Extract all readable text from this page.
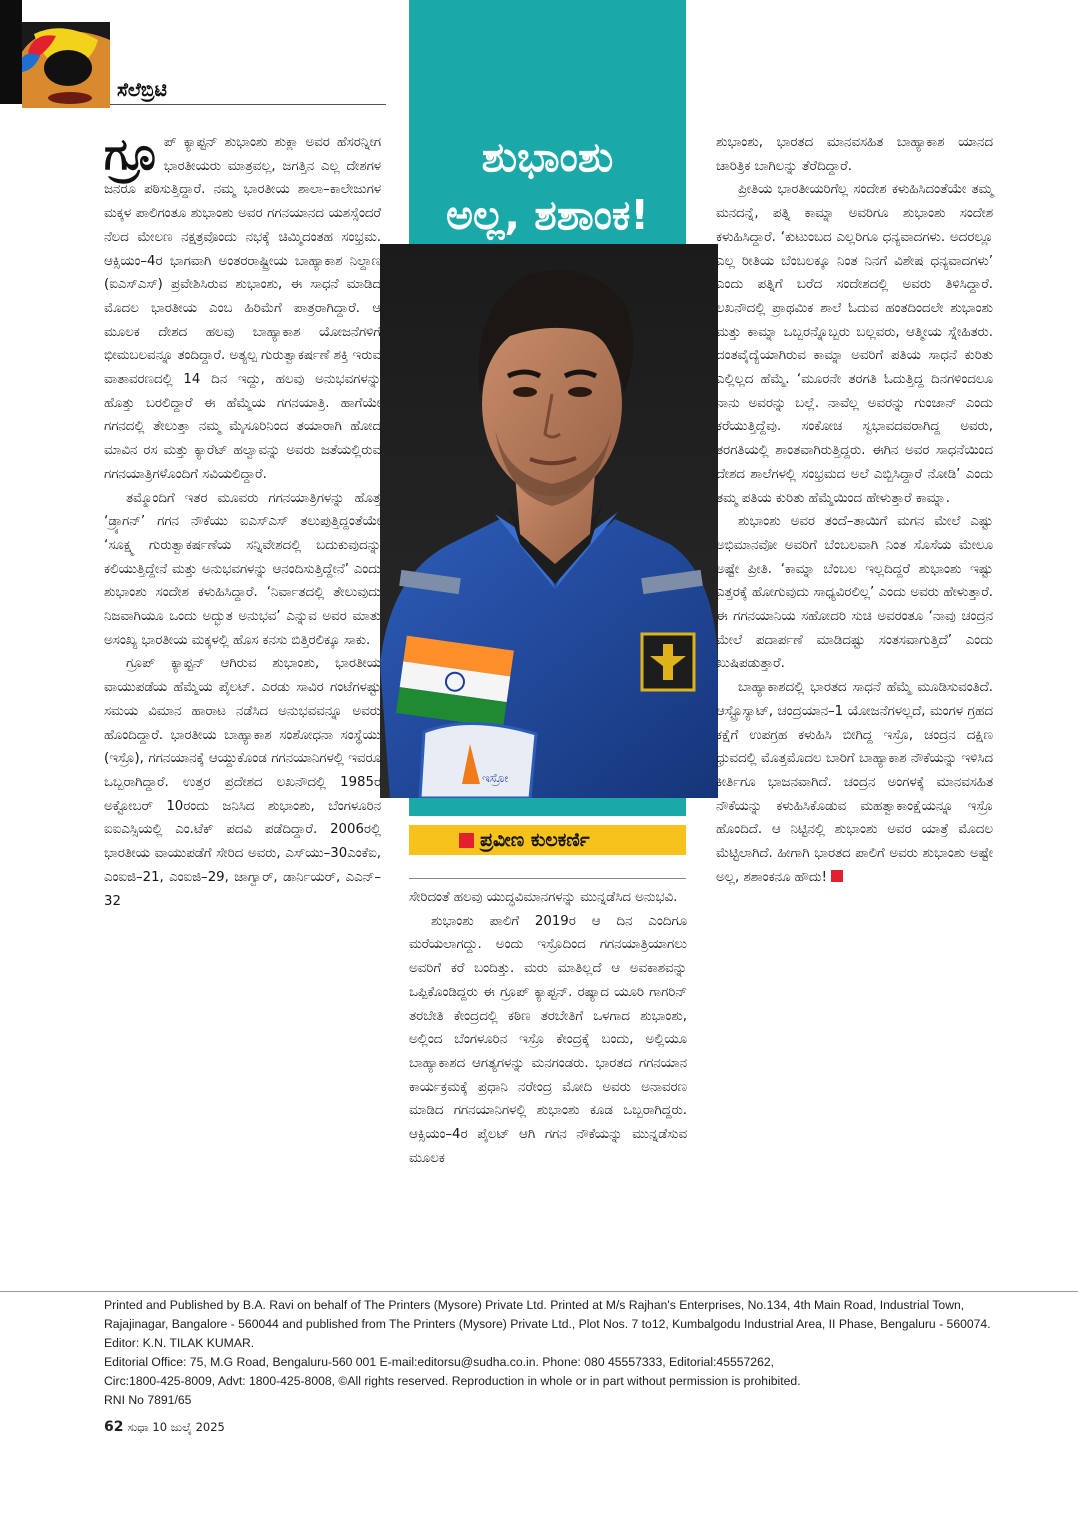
ಸೆಲೆಬ್ರಿಟಿ
ಶುಭಾಂಶು
ಅಲ್ಲ, ಶಶಾಂಕ!
ಇಸ್ರೋ
ಪ್ರವೀಣ ಕುಲಕರ್ಣಿ

ಗ್ರೂ ಪ್ ಕ್ಯಾಪ್ಟನ್ ಶುಭಾಂಶು ಶುಕ್ಲಾ ಅವರ ಹೆಸರನ್ನೀಗ ಭಾರತೀಯರು ಮಾತ್ರವಲ್ಲ, ಜಗತ್ತಿನ ಎಲ್ಲ ದೇಶಗಳ ಜನರೂ ಪಠಿಸುತ್ತಿದ್ದಾರೆ. ನಮ್ಮ ಭಾರತೀಯ ಶಾಲಾ–ಕಾಲೇಜುಗಳ ಮಕ್ಕಳ ಪಾಲಿಗಂತೂ ಶುಭಾಂಶು ಅವರ ಗಗನಯಾನದ ಯಶಸ್ಸೆಂದರೆ ನೆಲದ ಮೇಲಣ ನಕ್ಷತ್ರವೊಂದು ನಭಕ್ಕೆ ಚಿಮ್ಮಿದಂತಹ ಸಂಭ್ರಮ. ಆಕ್ಸಿಯಂ–4ರ ಭಾಗವಾಗಿ ಅಂತರರಾಷ್ಟ್ರೀಯ ಬಾಹ್ಯಾಕಾಶ ನಿಲ್ದಾಣ (ಐಎಸ್‌ಎಸ್) ಪ್ರವೇಶಿಸಿರುವ ಶುಭಾಂಶು, ಈ ಸಾಧನೆ ಮಾಡಿದ ಮೊದಲ ಭಾರತೀಯ ಎಂಬ ಹಿರಿಮೆಗೆ ಪಾತ್ರರಾಗಿದ್ದಾರೆ. ಆ ಮೂಲಕ ದೇಶದ ಹಲವು ಬಾಹ್ಯಾಕಾಶ ಯೋಜನೆಗಳಿಗೆ ಭೀಮಬಲವನ್ನೂ ತಂದಿದ್ದಾರೆ. ಅತ್ಯಲ್ಪ ಗುರುತ್ವಾಕರ್ಷಣೆ ಶಕ್ತಿ ಇರುವ ವಾತಾವರಣದಲ್ಲಿ 14 ದಿನ ಇದ್ದು, ಹಲವು ಅನುಭವಗಳನ್ನು ಹೊತ್ತು ಬರಲಿದ್ದಾರೆ ಈ ಹೆಮ್ಮೆಯ ಗಗನಯಾತ್ರಿ. ಹಾಗೆಯೇ ಗಗನದಲ್ಲಿ ತೇಲುತ್ತಾ ನಮ್ಮ ಮೈಸೂರಿನಿಂದ ತಯಾರಾಗಿ ಹೋದ ಮಾವಿನ ರಸ ಮತ್ತು ಕ್ಯಾರೆಟ್ ಹಲ್ವಾವನ್ನು ಅವರು ಜತೆಯಲ್ಲಿರುವ ಗಗನಯಾತ್ರಿಗಳೊಂದಿಗೆ ಸವಿಯಲಿದ್ದಾರೆ.

ತಮ್ಮೊಂದಿಗೆ ಇತರ ಮೂವರು ಗಗನಯಾತ್ರಿಗಳನ್ನು ಹೊತ್ತ ‘ಡ್ರ್ಯಾಗನ್’ ಗಗನ ನೌಕೆಯು ಐಎಸ್‌ಎಸ್ ತಲುಪುತ್ತಿದ್ದಂತೆಯೇ ‘ಸೂಕ್ಷ್ಮ ಗುರುತ್ವಾಕರ್ಷಣೆಯ ಸನ್ನಿವೇಶದಲ್ಲಿ ಬದುಕುವುದನ್ನು ಕಲಿಯುತ್ತಿದ್ದೇನೆ ಮತ್ತು ಅನುಭವಗಳನ್ನು ಆನಂದಿಸುತ್ತಿದ್ದೇನೆ’ ಎಂದು ಶುಭಾಂಶು ಸಂದೇಶ ಕಳುಹಿಸಿದ್ದಾರೆ. ‘ನಿರ್ವಾತದಲ್ಲಿ ತೇಲುವುದು ನಿಜವಾಗಿಯೂ ಒಂದು ಅದ್ಭುತ ಅನುಭವ’ ಎನ್ನುವ ಅವರ ಮಾತು ಅಸಂಖ್ಯ ಭಾರತೀಯ ಮಕ್ಕಳಲ್ಲಿ ಹೊಸ ಕನಸು ಬಿತ್ತಿರಲಿಕ್ಕೂ ಸಾಕು.

ಗ್ರೂಪ್ ಕ್ಯಾಪ್ಟನ್ ಆಗಿರುವ ಶುಭಾಂಶು, ಭಾರತೀಯ ವಾಯುಪಡೆಯ ಹೆಮ್ಮೆಯ ಪೈಲಟ್. ಎರಡು ಸಾವಿರ ಗಂಟೆಗಳಷ್ಟು ಸಮಯ ವಿಮಾನ ಹಾರಾಟ ನಡೆಸಿದ ಅನುಭವವನ್ನೂ ಅವರು ಹೊಂದಿದ್ದಾರೆ. ಭಾರತೀಯ ಬಾಹ್ಯಾಕಾಶ ಸಂಶೋಧನಾ ಸಂಸ್ಥೆಯು (ಇಸ್ರೊ), ಗಗನಯಾನಕ್ಕೆ ಆಯ್ದುಕೊಂಡ ಗಗನಯಾನಿಗಳಲ್ಲಿ ಇವರೂ ಒಬ್ಬರಾಗಿದ್ದಾರೆ. ಉತ್ತರ ಪ್ರದೇಶದ ಲಖನೌದಲ್ಲಿ 1985ರ ಅಕ್ಟೋಬರ್ 10ರಂದು ಜನಿಸಿದ ಶುಭಾಂಶು, ಬೆಂಗಳೂರಿನ ಐಐಎಸ್ಸಿಯಲ್ಲಿ ಎಂ.ಟೆಕ್ ಪದವಿ ಪಡೆದಿದ್ದಾರೆ. 2006ರಲ್ಲಿ ಭಾರತೀಯ ವಾಯುಪಡೆಗೆ ಸೇರಿದ ಅವರು, ಎಸ್‌ಯು–30ಎಂಕೆಐ, ಎಂಐಜಿ–21, ಎಂಐಜಿ–29, ಜಾಗ್ವಾರ್, ಡಾರ್ನಿಯರ್, ಎಎನ್–32	ಸೇರಿದಂತೆ ಹಲವು ಯುದ್ಧವಿಮಾನಗಳನ್ನು ಮುನ್ನಡೆಸಿದ ಅನುಭವಿ.

ಶುಭಾಂಶು ಪಾಲಿಗೆ 2019ರ ಆ ದಿನ ಎಂದಿಗೂ ಮರೆಯಲಾಗದ್ದು. ಅಂದು ಇಸ್ರೊದಿಂದ ಗಗನಯಾತ್ರಿಯಾಗಲು ಅವರಿಗೆ ಕರೆ ಬಂದಿತ್ತು. ಮರು ಮಾತಿಲ್ಲದೆ ಆ ಅವಕಾಶವನ್ನು ಒಪ್ಪಿಕೊಂಡಿದ್ದರು ಈ ಗ್ರೂಪ್ ಕ್ಯಾಪ್ಟನ್. ರಷ್ಯಾದ ಯೂರಿ ಗಾಗರಿನ್ ತರಬೇತಿ ಕೇಂದ್ರದಲ್ಲಿ ಕಠಿಣ ತರಬೇತಿಗೆ ಒಳಗಾದ ಶುಭಾಂಶು, ಅಲ್ಲಿಂದ ಬೆಂಗಳೂರಿನ ಇಸ್ರೊ ಕೇಂದ್ರಕ್ಕೆ ಬಂದು, ಅಲ್ಲಿಯೂ ಬಾಹ್ಯಾಕಾಶದ ಆಗತ್ಯಗಳನ್ನು ಮನಗಂಡರು. ಭಾರತದ ಗಗನಯಾನ ಕಾರ್ಯಕ್ರಮಕ್ಕೆ ಪ್ರಧಾನಿ ನರೇಂದ್ರ ಮೋದಿ ಅವರು ಅನಾವರಣ ಮಾಡಿದ ಗಗನಯಾನಿಗಳಲ್ಲಿ ಶುಭಾಂಶು ಕೂಡ ಒಬ್ಬರಾಗಿದ್ದರು. ಆಕ್ಸಿಯಂ–4ರ ಪೈಲಟ್ ಆಗಿ ಗಗನ ನೌಕೆಯನ್ನು ಮುನ್ನಡೆಸುವ ಮೂಲಕ

ಶುಭಾಂಶು, ಭಾರತದ ಮಾನವಸಹಿತ ಬಾಹ್ಯಾಕಾಶ ಯಾನದ ಚಾರಿತ್ರಿಕ ಬಾಗಿಲನ್ನು ತೆರೆದಿದ್ದಾರೆ.

ಪ್ರೀತಿಯ ಭಾರತೀಯರಿಗೆಲ್ಲ ಸಂದೇಶ ಕಳುಹಿಸಿದಂತೆಯೇ ತಮ್ಮ ಮನದನ್ನೆ, ಪತ್ನಿ ಕಾಮ್ನಾ ಅವರಿಗೂ ಶುಭಾಂಶು ಸಂದೇಶ ಕಳುಹಿಸಿದ್ದಾರೆ. ‘ಕುಟುಂಬದ ಎಲ್ಲರಿಗೂ ಧನ್ಯವಾದಗಳು. ಅದರಲ್ಲೂ ಎಲ್ಲ ರೀತಿಯ ಬೆಂಬಲಕ್ಕೂ ನಿಂತ ನಿನಗೆ ವಿಶೇಷ ಧನ್ಯವಾದಗಳು’ ಎಂದು ಪತ್ನಿಗೆ ಬರೆದ ಸಂದೇಶದಲ್ಲಿ ಅವರು ತಿಳಿಸಿದ್ದಾರೆ. ಲಖನೌದಲ್ಲಿ ಪ್ರಾಥಮಿಕ ಶಾಲೆ ಓದುವ ಹಂತದಿಂದಲೇ ಶುಭಾಂಶು ಮತ್ತು ಕಾಮ್ನಾ ಒಬ್ಬರನ್ನೊಬ್ಬರು ಬಲ್ಲವರು, ಆತ್ಮೀಯ ಸ್ನೇಹಿತರು. ದಂತವೈದ್ಯೆಯಾಗಿರುವ ಕಾಮ್ನಾ ಅವರಿಗೆ ಪತಿಯ ಸಾಧನೆ ಕುರಿತು ಎಲ್ಲಿಲ್ಲದ ಹೆಮ್ಮೆ. ‘ಮೂರನೇ ತರಗತಿ ಓದುತ್ತಿದ್ದ ದಿನಗಳಿಂದಲೂ ನಾನು ಅವರನ್ನು ಬಲ್ಲೆ. ನಾವೆಲ್ಲ ಅವರನ್ನು ಗುಂಜಾನ್ ಎಂದು ಕರೆಯುತ್ತಿದ್ದೆವು. ಸಂಕೋಚ ಸ್ವಭಾವದವರಾಗಿದ್ದ ಅವರು, ತರಗತಿಯಲ್ಲಿ ಶಾಂತವಾಗಿರುತ್ತಿದ್ದರು. ಈಗಿನ ಅವರ ಸಾಧನೆಯಿಂದ ದೇಶದ ಶಾಲೆಗಳಲ್ಲಿ ಸಂಭ್ರಮದ ಅಲೆ ಎಬ್ಬಿಸಿದ್ದಾರೆ ನೋಡಿ’ ಎಂದು ತಮ್ಮ ಪತಿಯ ಕುರಿತು ಹೆಮ್ಮೆಯಿಂದ ಹೇಳುತ್ತಾರೆ ಕಾಮ್ನಾ.

ಶುಭಾಂಶು ಅವರ ತಂದೆ–ತಾಯಿಗೆ ಮಗನ ಮೇಲೆ ಎಷ್ಟು ಅಭಿಮಾನವೋ ಅವರಿಗೆ ಬೆಂಬಲವಾಗಿ ನಿಂತ ಸೊಸೆಯ ಮೇಲೂ ಅಷ್ಟೇ ಪ್ರೀತಿ. ‘ಕಾಮ್ನಾ ಬೆಂಬಲ ಇಲ್ಲದಿದ್ದರೆ ಶುಭಾಂಶು ಇಷ್ಟು ಎತ್ತರಕ್ಕೆ ಹೋಗುವುದು ಸಾಧ್ಯವಿರಲಿಲ್ಲ’ ಎಂದು ಅವರು ಹೇಳುತ್ತಾರೆ. ಈ ಗಗನಯಾನಿಯ ಸಹೋದರಿ ಸುಚಿ ಅವರಂತೂ ‘ನಾವು ಚಂದ್ರನ ಮೇಲೆ ಪದಾರ್ಪಣೆ ಮಾಡಿದಷ್ಟು ಸಂತಸವಾಗುತ್ತಿದೆ’ ಎಂದು ಖುಷಿಪಡುತ್ತಾರೆ.

ಬಾಹ್ಯಾಕಾಶದಲ್ಲಿ ಭಾರತದ ಸಾಧನೆ ಹೆಮ್ಮೆ ಮೂಡಿಸುವಂತಿದೆ. ಆಸ್ಟ್ರೊಸ್ಯಾಟ್, ಚಂದ್ರಯಾನ–1 ಯೋಜನೆಗಳಲ್ಲದೆ, ಮಂಗಳ ಗ್ರಹದ ಕಕ್ಷೆಗೆ ಉಪಗ್ರಹ ಕಳುಹಿಸಿ ಬೀಗಿದ್ದ ಇಸ್ರೊ, ಚಂದ್ರನ ದಕ್ಷಿಣ ಧ್ರುವದಲ್ಲಿ ಮೊತ್ತಮೊದಲ ಬಾರಿಗೆ ಬಾಹ್ಯಾಕಾಶ ನೌಕೆಯನ್ನು ಇಳಿಸಿದ ಕೀರ್ತಿಗೂ ಭಾಜನವಾಗಿದೆ. ಚಂದ್ರನ ಅಂಗಳಕ್ಕೆ ಮಾನವಸಹಿತ ನೌಕೆಯನ್ನು ಕಳುಹಿಸಿಕೊಡುವ ಮಹತ್ವಾಕಾಂಕ್ಷೆಯನ್ನೂ ಇಸ್ರೊ ಹೊಂದಿದೆ. ಆ ನಿಟ್ಟಿನಲ್ಲಿ ಶುಭಾಂಶು ಅವರ ಯಾತ್ರೆ ಮೊದಲ ಮೆಟ್ಟಿಲಾಗಿದೆ. ಹೀಗಾಗಿ ಭಾರತದ ಪಾಲಿಗೆ ಅವರು ಶುಭಾಂಶು ಅಷ್ಟೇ ಅಲ್ಲ, ಶಶಾಂಕನೂ ಹೌದು!

Printed and Published by B.A. Ravi on behalf of The Printers (Mysore) Private Ltd. Printed at M/s Rajhan's Enterprises, No.134, 4th Main Road, Industrial Town, Rajajinagar, Bangalore - 560044 and published from The Printers (Mysore) Private Ltd., Plot Nos. 7 to12, Kumbalgodu Industrial Area, II Phase, Bengaluru - 560074. Editor: K.N. TILAK KUMAR.

Editorial Office: 75, M.G Road, Bengaluru-560 001 E-mail:editorsu@sudha.co.in. Phone: 080 45557333, Editorial:45557262,

Circ:1800-425-8009, Advt: 1800-425-8008, ©All rights reserved. Reproduction in whole or in part without permission is prohibited.

RNI No 7891/65

62 ಸುಧಾ 10 ಜುಲೈ 2025
